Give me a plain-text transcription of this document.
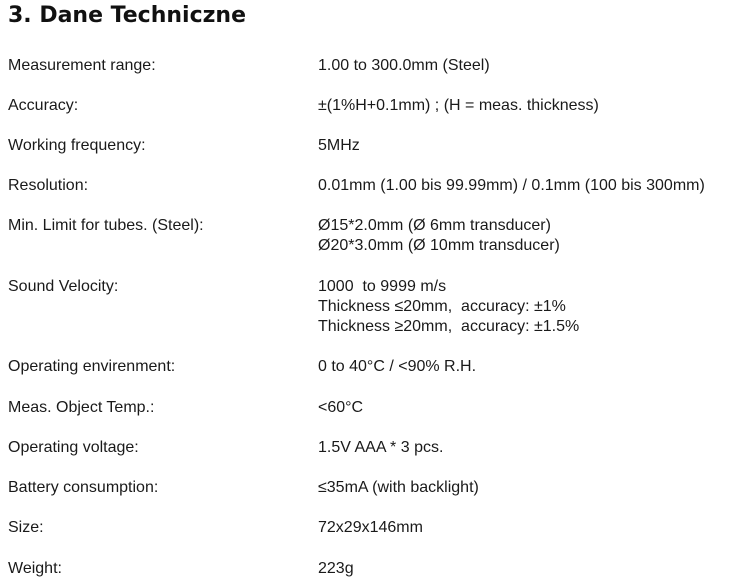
3. Dane Techniczne
Measurement range:	1.00 to 300.0mm (Steel)
Accuracy:	±(1%H+0.1mm) ; (H = meas. thickness)
Working frequency:	5MHz
Resolution:	0.01mm (1.00 bis 99.99mm) / 0.1mm (100 bis 300mm)
Min. Limit for tubes. (Steel):	Ø15*2.0mm (Ø 6mm transducer)
Ø20*3.0mm (Ø 10mm transducer)
Sound Velocity:	1000  to 9999 m/s
Thickness ≤20mm,  accuracy: ±1%
Thickness ≥20mm,  accuracy: ±1.5%
Operating envirenment:	0 to 40°C / <90% R.H.
Meas. Object Temp.:	<60°C
Operating voltage:	1.5V AAA * 3 pcs.
Battery consumption:	≤35mA (with backlight)
Size:	72x29x146mm
Weight:	223g
